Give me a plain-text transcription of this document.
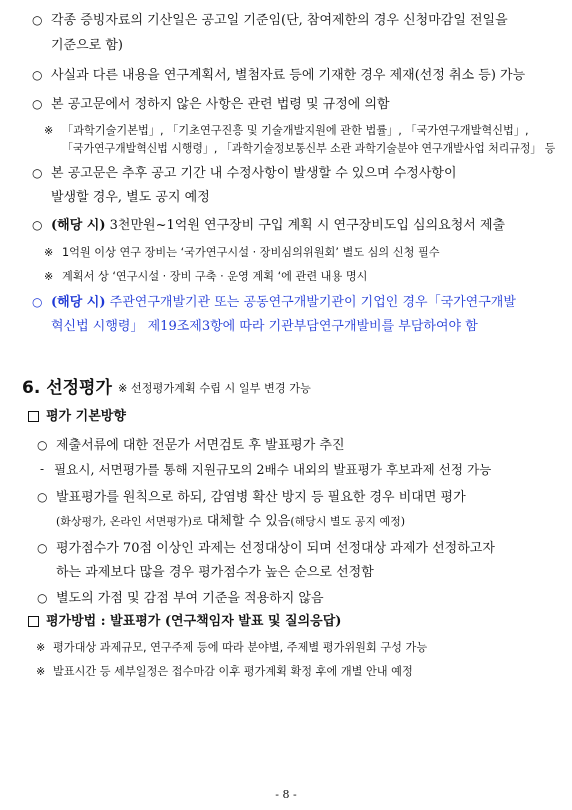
○ 각종 증빙자료의 기산일은 공고일 기준임(단, 참여제한의 경우 신청마감일 전일을
기준으로 함)
○ 사실과 다른 내용을 연구계획서, 별첨자료 등에 기재한 경우 제재(선정 취소 등) 가능
○ 본 공고문에서 정하지 않은 사항은 관련 법령 및 규정에 의함
※ 「과학기술기본법」, 「기초연구진흥 및 기술개발지원에 관한 법률」, 「국가연구개발혁신법」,
「국가연구개발혁신법 시행령」, 「과학기술정보통신부 소관 과학기술분야 연구개발사업 처리규정」 등
○ 본 공고문은 추후 공고 기간 내 수정사항이 발생할 수 있으며 수정사항이
발생할 경우, 별도 공지 예정
○ (해당 시) 3천만원~1억원 연구장비 구입 계획 시 연구장비도입 심의요청서 제출
※ 1억원 이상 연구 장비는 ‘국가연구시설 · 장비심의위원회’ 별도 심의 신청 필수
※ 계획서 상 ‘연구시설 · 장비 구축 · 운영 계획 ‘에 관련 내용 명시
○ (해당 시) 주관연구개발기관 또는 공동연구개발기관이 기업인 경우「국가연구개발
혁신법 시행령」 제19조제3항에 따라 기관부담연구개발비를 부담하여야 함
6. 선정평가 ※ 선정평가계획 수립 시 일부 변경 가능
평가 기본방향
○ 제출서류에 대한 전문가 서면검토 후 발표평가 추진
- 필요시, 서면평가를 통해 지원규모의 2배수 내외의 발표평가 후보과제 선정 가능
○ 발표평가를 원칙으로 하되, 감염병 확산 방지 등 필요한 경우 비대면 평가
(화상평가, 온라인 서면평가)로 대체할 수 있음(해당시 별도 공지 예정)
○ 평가점수가 70점 이상인 과제는 선정대상이 되며 선정대상 과제가 선정하고자
하는 과제보다 많을 경우 평가점수가 높은 순으로 선정함
○ 별도의 가점 및 감점 부여 기준을 적용하지 않음
평가방법 : 발표평가 (연구책임자 발표 및 질의응답)
※ 평가대상 과제규모, 연구주제 등에 따라 분야별, 주제별 평가위원회 구성 가능
※ 발표시간 등 세부일정은 접수마감 이후 평가계획 확정 후에 개별 안내 예정
- 8 -
